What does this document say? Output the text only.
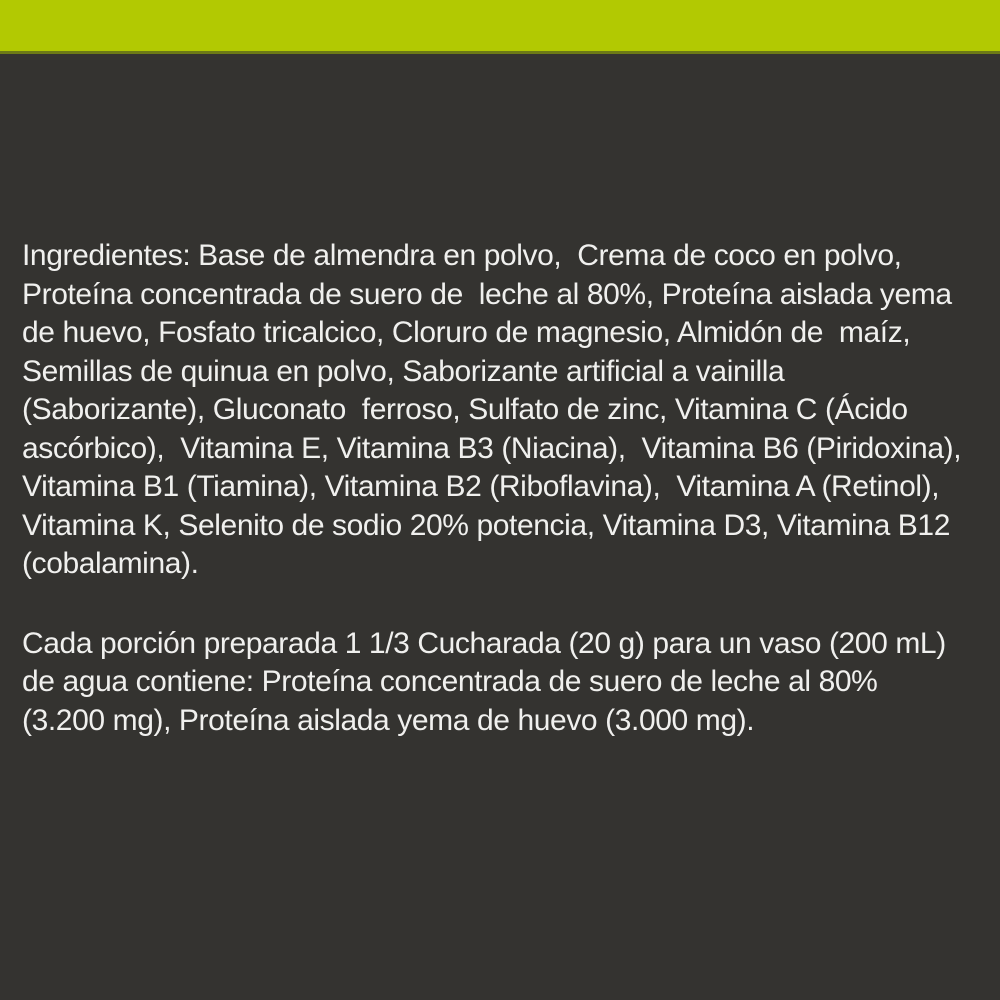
Ingredientes: Base de almendra en polvo,  Crema de coco en polvo,
Proteína concentrada de suero de  leche al 80%, Proteína aislada yema
de huevo, Fosfato tricalcico, Cloruro de magnesio, Almidón de  maíz,
Semillas de quinua en polvo, Saborizante artificial a vainilla
(Saborizante), Gluconato  ferroso, Sulfato de zinc, Vitamina C (Ácido
ascórbico),  Vitamina E, Vitamina B3 (Niacina),  Vitamina B6 (Piridoxina),
Vitamina B1 (Tiamina), Vitamina B2 (Riboflavina),  Vitamina A (Retinol),
Vitamina K, Selenito de sodio 20% potencia, Vitamina D3, Vitamina B12
(cobalamina).
Cada porción preparada 1 1/3 Cucharada (20 g) para un vaso (200 mL)
de agua contiene: Proteína concentrada de suero de leche al 80%
(3.200 mg), Proteína aislada yema de huevo (3.000 mg).
